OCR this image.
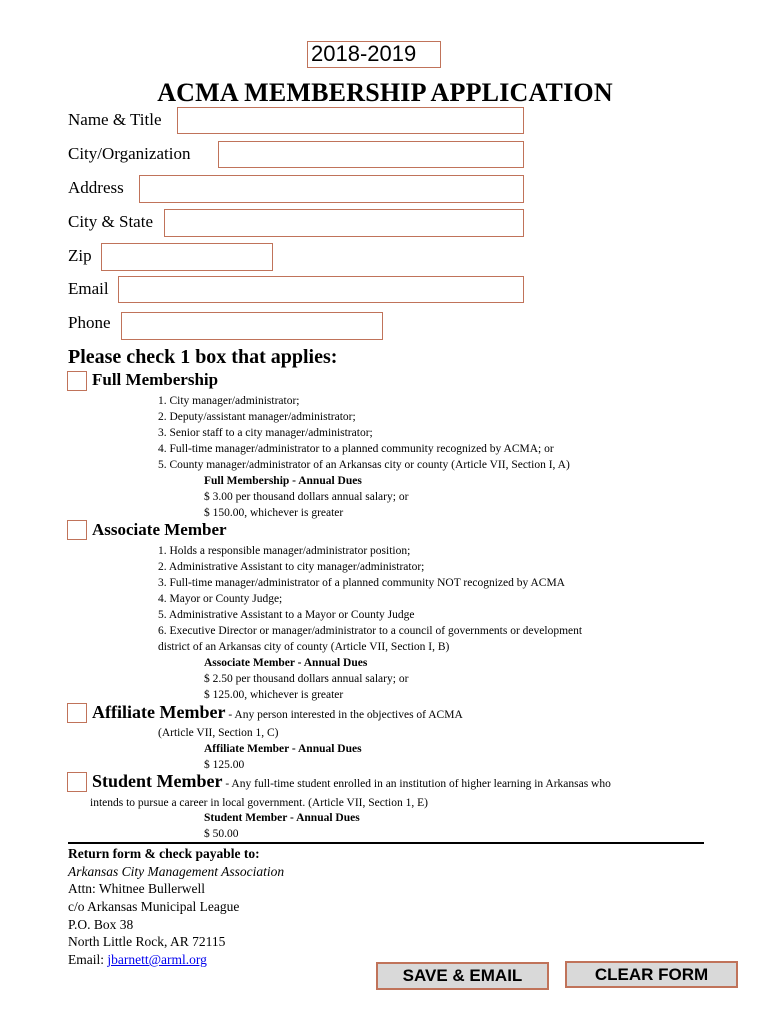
2018-2019
ACMA MEMBERSHIP APPLICATION
Name & Title
City/Organization
Address
City & State
Zip
Email
Phone
Please check 1 box that applies:
Full Membership
1. City manager/administrator;
2. Deputy/assistant manager/administrator;
3. Senior staff to a city manager/administrator;
4. Full-time manager/administrator to a planned community recognized by ACMA; or
5. County manager/administrator of an Arkansas city or county (Article VII, Section I, A)
Full Membership - Annual Dues
$ 3.00 per thousand dollars annual salary; or
$ 150.00, whichever is greater
Associate Member
1. Holds a responsible manager/administrator position;
2. Administrative Assistant to city manager/administrator;
3. Full-time manager/administrator of a planned community NOT recognized by ACMA
4. Mayor or County Judge;
5. Administrative Assistant to a Mayor or County Judge
6. Executive Director or manager/administrator to a council of governments or development
district of an Arkansas city of county (Article VII, Section I, B)
Associate Member - Annual Dues
$ 2.50 per thousand dollars annual salary; or
$ 125.00, whichever is greater
Affiliate Member - Any person interested in the objectives of ACMA
(Article VII, Section 1, C)
Affiliate Member - Annual Dues
$ 125.00
Student Member - Any full-time student enrolled in an institution of higher learning in Arkansas who
intends to pursue a career in local government. (Article VII, Section 1, E)
Student Member - Annual Dues
$ 50.00
Return form & check payable to:
Arkansas City Management Association
Attn: Whitnee Bullerwell
c/o Arkansas Municipal League
P.O. Box 38
North Little Rock, AR 72115
Email: jbarnett@arml.org
SAVE & EMAIL	CLEAR FORM
